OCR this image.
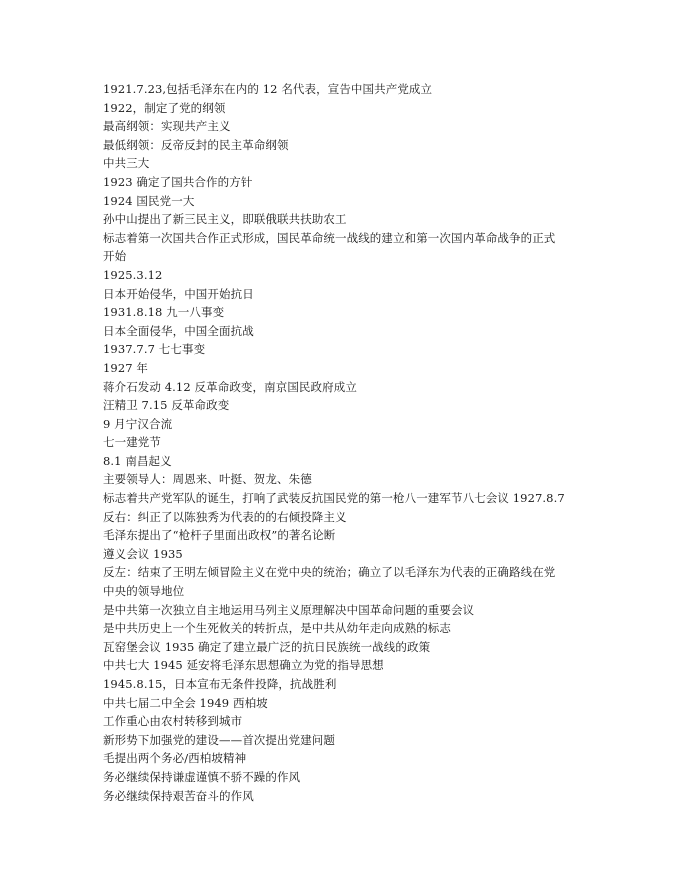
1921.7.23,包括毛泽东在内的 12 名代表，宣告中国共产党成立
1922，制定了党的纲领
最高纲领：实现共产主义
最低纲领：反帝反封的民主革命纲领
中共三大
1923 确定了国共合作的方针
1924 国民党一大
孙中山提出了新三民主义，即联俄联共扶助农工
标志着第一次国共合作正式形成，国民革命统一战线的建立和第一次国内革命战争的正式
开始
1925.3.12
日本开始侵华，中国开始抗日
1931.8.18 九一八事变
日本全面侵华，中国全面抗战
1937.7.7 七七事变
1927 年
蒋介石发动 4.12 反革命政变，南京国民政府成立
汪精卫 7.15 反革命政变
9 月宁汉合流
七一建党节
8.1 南昌起义
主要领导人：周恩来、叶挺、贺龙、朱德
标志着共产党军队的诞生，打响了武装反抗国民党的第一枪八一建军节八七会议 1927.8.7
反右：纠正了以陈独秀为代表的的右倾投降主义
毛泽东提出了“枪杆子里面出政权”的著名论断
遵义会议 1935
反左：结束了王明左倾冒险主义在党中央的统治；确立了以毛泽东为代表的正确路线在党
中央的领导地位
是中共第一次独立自主地运用马列主义原理解决中国革命问题的重要会议
是中共历史上一个生死攸关的转折点，是中共从幼年走向成熟的标志
瓦窑堡会议 1935 确定了建立最广泛的抗日民族统一战线的政策
中共七大 1945 延安将毛泽东思想确立为党的指导思想
1945.8.15，日本宣布无条件投降，抗战胜利
中共七届二中全会 1949 西柏坡
工作重心由农村转移到城市
新形势下加强党的建设——首次提出党建问题
毛提出两个务必/西柏坡精神
务必继续保持谦虚谨慎不骄不躁的作风
务必继续保持艰苦奋斗的作风
